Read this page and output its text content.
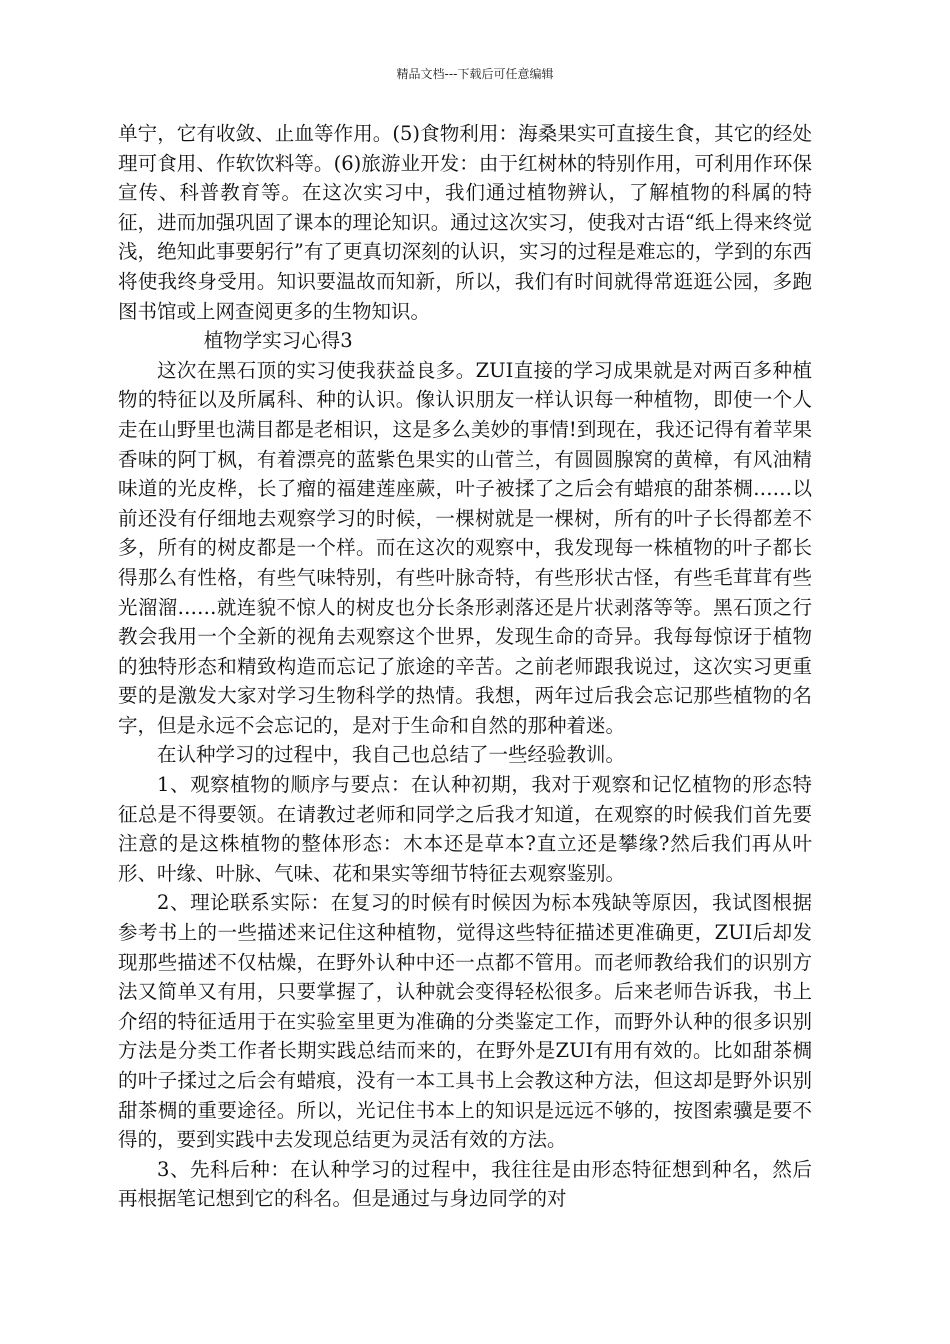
精品文档---下载后可任意编辑

单宁，它有收敛、止血等作用。(5)食物利用：海桑果实可直接生食，其它的经处理可食用、作软饮料等。(6)旅游业开发：由于红树林的特别作用，可利用作环保宣传、科普教育等。在这次实习中，我们通过植物辨认，了解植物的科属的特征，进而加强巩固了课本的理论知识。通过这次实习，使我对古语“纸上得来终觉浅，绝知此事要躬行”有了更真切深刻的认识，实习的过程是难忘的，学到的东西将使我终身受用。知识要温故而知新，所以，我们有时间就得常逛逛公园，多跑图书馆或上网查阅更多的生物知识。

植物学实习心得3

这次在黑石顶的实习使我获益良多。ZUI直接的学习成果就是对两百多种植物的特征以及所属科、种的认识。像认识朋友一样认识每一种植物，即使一个人走在山野里也满目都是老相识，这是多么美妙的事情!到现在，我还记得有着苹果香味的阿丁枫，有着漂亮的蓝紫色果实的山菅兰，有圆圆腺窝的黄樟，有风油精味道的光皮桦，长了瘤的福建莲座蕨，叶子被揉了之后会有蜡痕的甜茶椆……以前还没有仔细地去观察学习的时候，一棵树就是一棵树，所有的叶子长得都差不多，所有的树皮都是一个样。而在这次的观察中，我发现每一株植物的叶子都长得那么有性格，有些气味特别，有些叶脉奇特，有些形状古怪，有些毛茸茸有些光溜溜……就连貌不惊人的树皮也分长条形剥落还是片状剥落等等。黑石顶之行教会我用一个全新的视角去观察这个世界，发现生命的奇异。我每每惊讶于植物的独特形态和精致构造而忘记了旅途的辛苦。之前老师跟我说过，这次实习更重要的是激发大家对学习生物科学的热情。我想，两年过后我会忘记那些植物的名字，但是永远不会忘记的，是对于生命和自然的那种着迷。

在认种学习的过程中，我自己也总结了一些经验教训。

1、观察植物的顺序与要点：在认种初期，我对于观察和记忆植物的形态特征总是不得要领。在请教过老师和同学之后我才知道，在观察的时候我们首先要注意的是这株植物的整体形态：木本还是草本?直立还是攀缘?然后我们再从叶形、叶缘、叶脉、气味、花和果实等细节特征去观察鉴别。

2、理论联系实际：在复习的时候有时候因为标本残缺等原因，我试图根据参考书上的一些描述来记住这种植物，觉得这些特征描述更准确更，ZUI后却发现那些描述不仅枯燥，在野外认种中还一点都不管用。而老师教给我们的识别方法又简单又有用，只要掌握了，认种就会变得轻松很多。后来老师告诉我，书上介绍的特征适用于在实验室里更为准确的分类鉴定工作，而野外认种的很多识别方法是分类工作者长期实践总结而来的，在野外是ZUI有用有效的。比如甜茶椆的叶子揉过之后会有蜡痕，没有一本工具书上会教这种方法，但这却是野外识别甜茶椆的重要途径。所以，光记住书本上的知识是远远不够的，按图索骥是要不得的，要到实践中去发现总结更为灵活有效的方法。

3、先科后种：在认种学习的过程中，我往往是由形态特征想到种名，然后再根据笔记想到它的科名。但是通过与身边同学的对
